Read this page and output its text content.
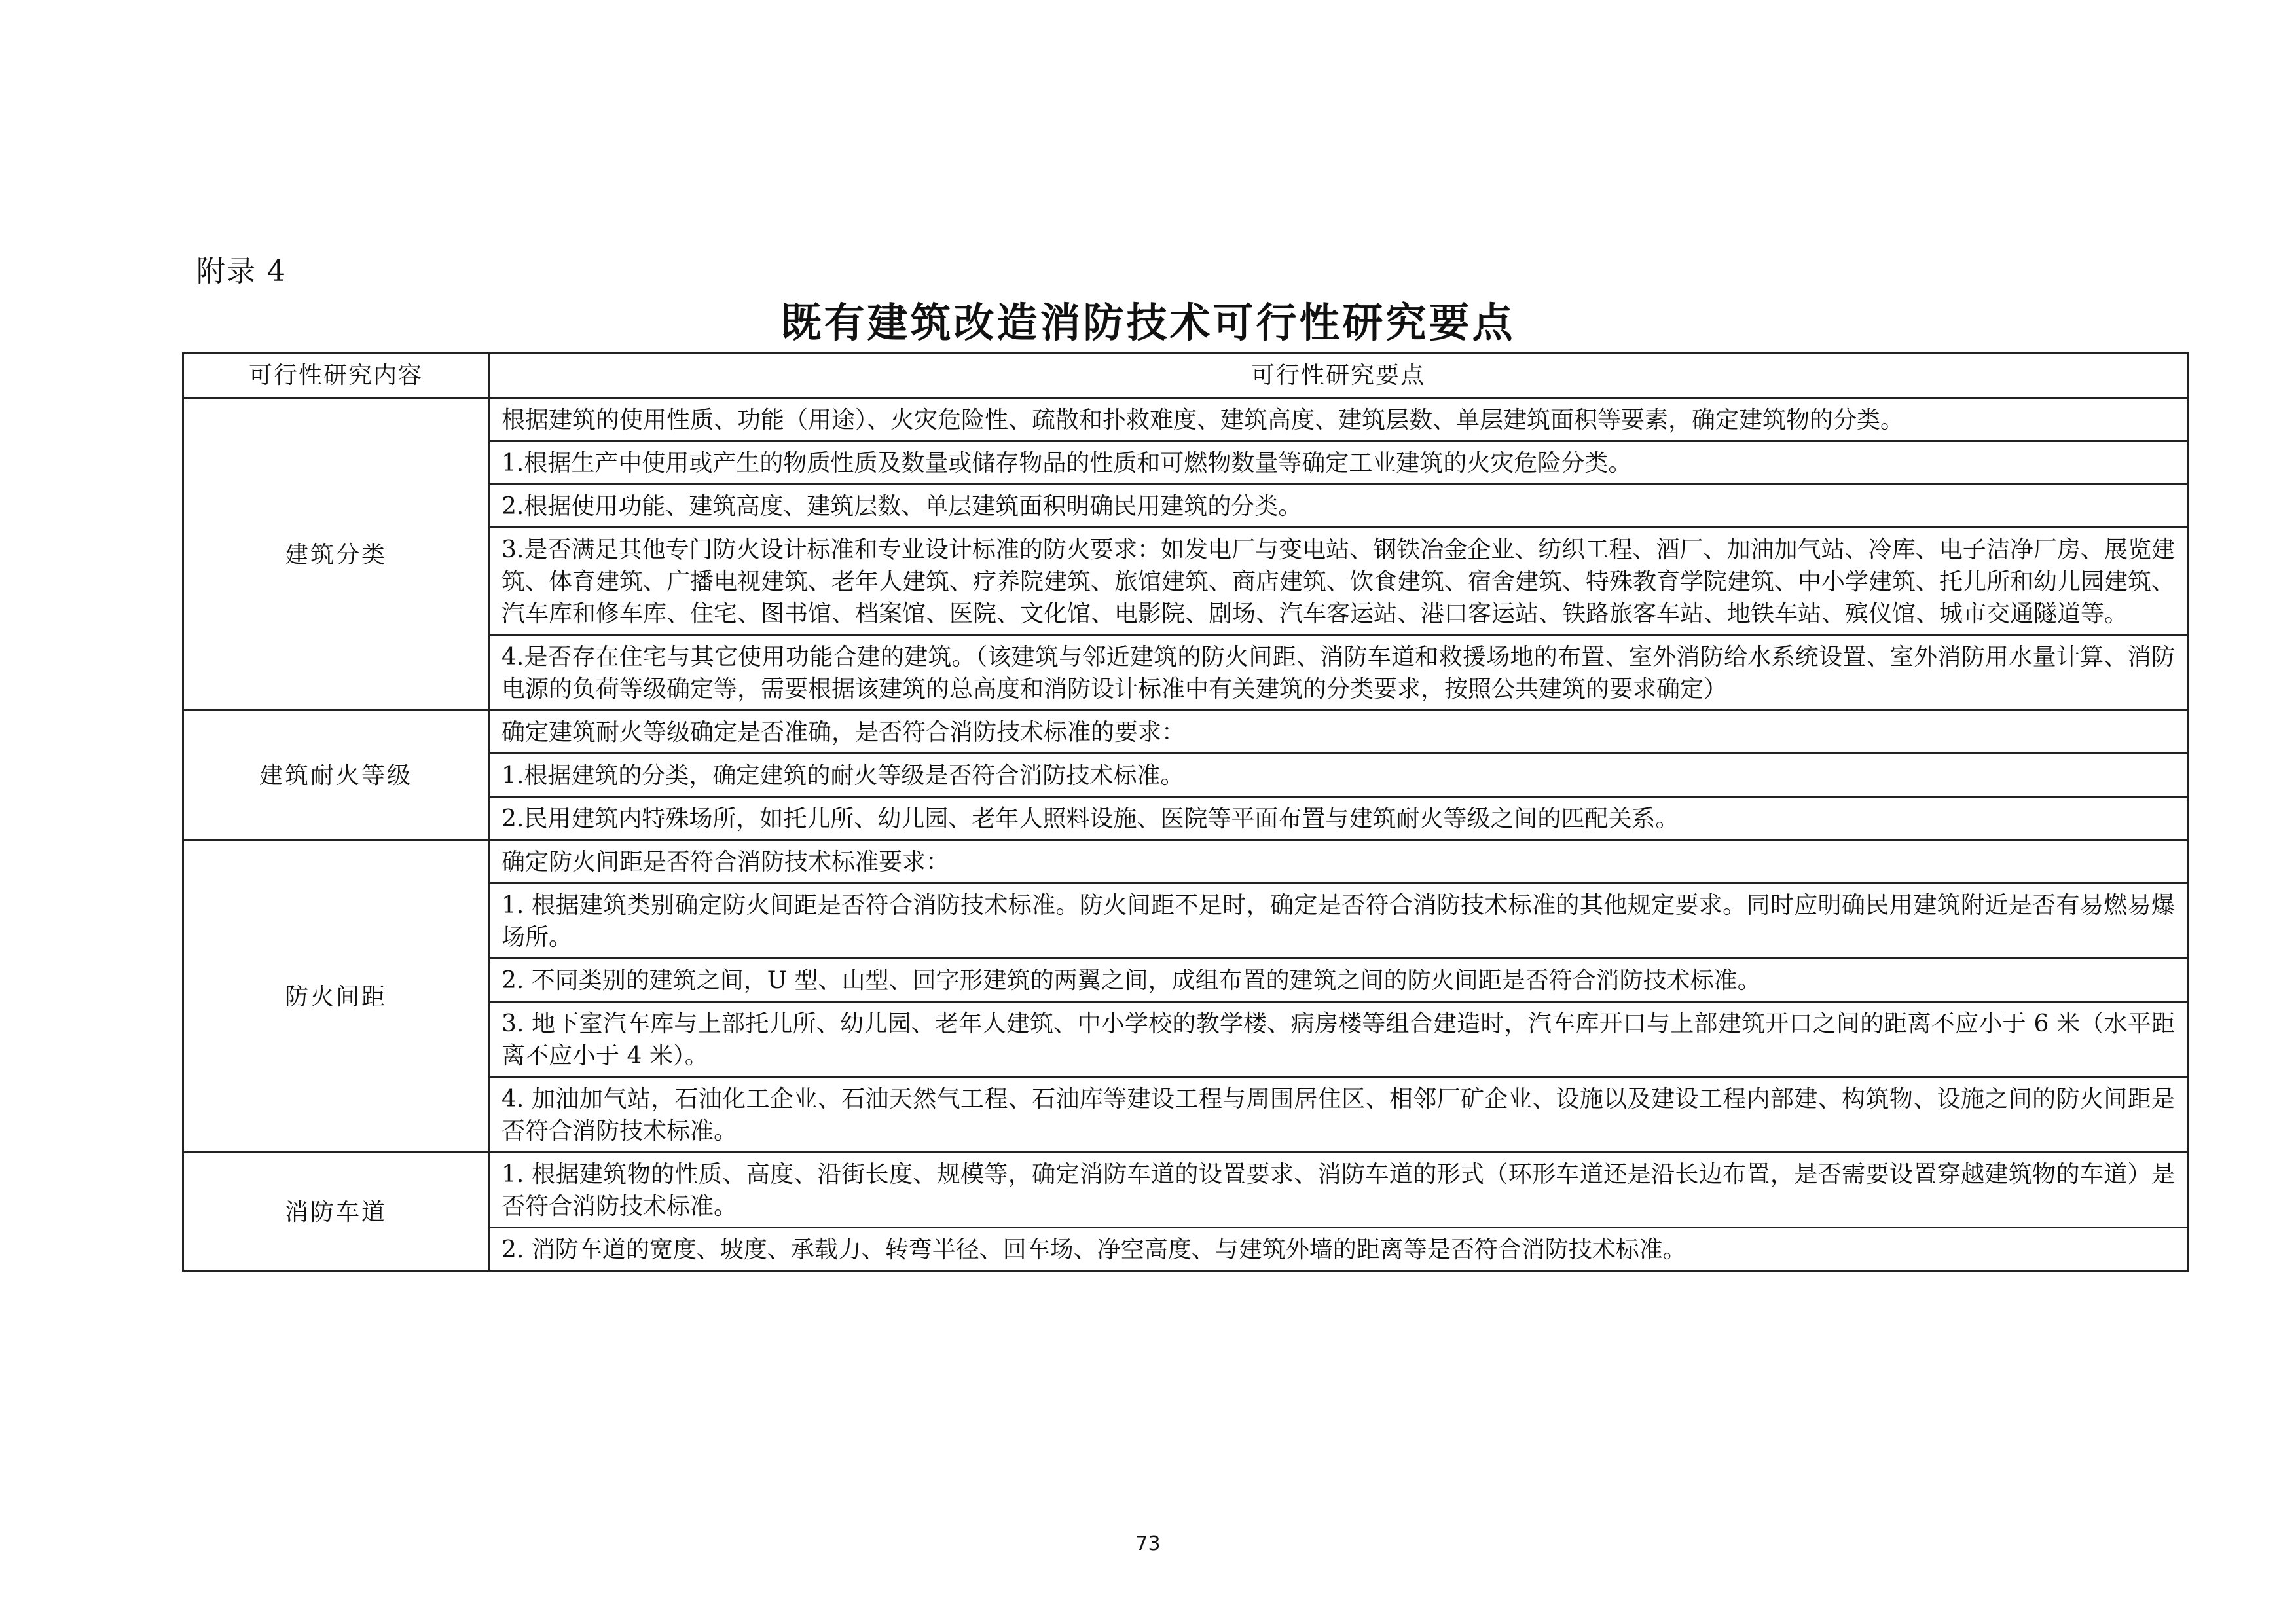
附录 4
既有建筑改造消防技术可行性研究要点
可行性研究内容	可行性研究要点
建筑分类	根据建筑的使用性质、功能（用途）、火灾危险性、疏散和扑救难度、建筑高度、建筑层数、单层建筑面积等要素，确定建筑物的分类。
	1.根据生产中使用或产生的物质性质及数量或储存物品的性质和可燃物数量等确定工业建筑的火灾危险分类。
	2.根据使用功能、建筑高度、建筑层数、单层建筑面积明确民用建筑的分类。
	3.是否满足其他专门防火设计标准和专业设计标准的防火要求：如发电厂与变电站、钢铁冶金企业、纺织工程、酒厂、加油加气站、冷库、电子洁净厂房、展览建筑、体育建筑、广播电视建筑、老年人建筑、疗养院建筑、旅馆建筑、商店建筑、饮食建筑、宿舍建筑、特殊教育学院建筑、中小学建筑、托儿所和幼儿园建筑、汽车库和修车库、住宅、图书馆、档案馆、医院、文化馆、电影院、剧场、汽车客运站、港口客运站、铁路旅客车站、地铁车站、殡仪馆、城市交通隧道等。
	4.是否存在住宅与其它使用功能合建的建筑。（该建筑与邻近建筑的防火间距、消防车道和救援场地的布置、室外消防给水系统设置、室外消防用水量计算、消防电源的负荷等级确定等，需要根据该建筑的总高度和消防设计标准中有关建筑的分类要求，按照公共建筑的要求确定）
建筑耐火等级	确定建筑耐火等级确定是否准确，是否符合消防技术标准的要求：
	1.根据建筑的分类，确定建筑的耐火等级是否符合消防技术标准。
	2.民用建筑内特殊场所，如托儿所、幼儿园、老年人照料设施、医院等平面布置与建筑耐火等级之间的匹配关系。
防火间距	确定防火间距是否符合消防技术标准要求：
	1. 根据建筑类别确定防火间距是否符合消防技术标准。防火间距不足时，确定是否符合消防技术标准的其他规定要求。同时应明确民用建筑附近是否有易燃易爆场所。
	2. 不同类别的建筑之间，U 型、山型、回字形建筑的两翼之间，成组布置的建筑之间的防火间距是否符合消防技术标准。
	3. 地下室汽车库与上部托儿所、幼儿园、老年人建筑、中小学校的教学楼、病房楼等组合建造时，汽车库开口与上部建筑开口之间的距离不应小于 6 米（水平距离不应小于 4 米）。
	4. 加油加气站，石油化工企业、石油天然气工程、石油库等建设工程与周围居住区、相邻厂矿企业、设施以及建设工程内部建、构筑物、设施之间的防火间距是否符合消防技术标准。
消防车道	1. 根据建筑物的性质、高度、沿街长度、规模等，确定消防车道的设置要求、消防车道的形式（环形车道还是沿长边布置，是否需要设置穿越建筑物的车道）是否符合消防技术标准。
	2. 消防车道的宽度、坡度、承载力、转弯半径、回车场、净空高度、与建筑外墙的距离等是否符合消防技术标准。
73
